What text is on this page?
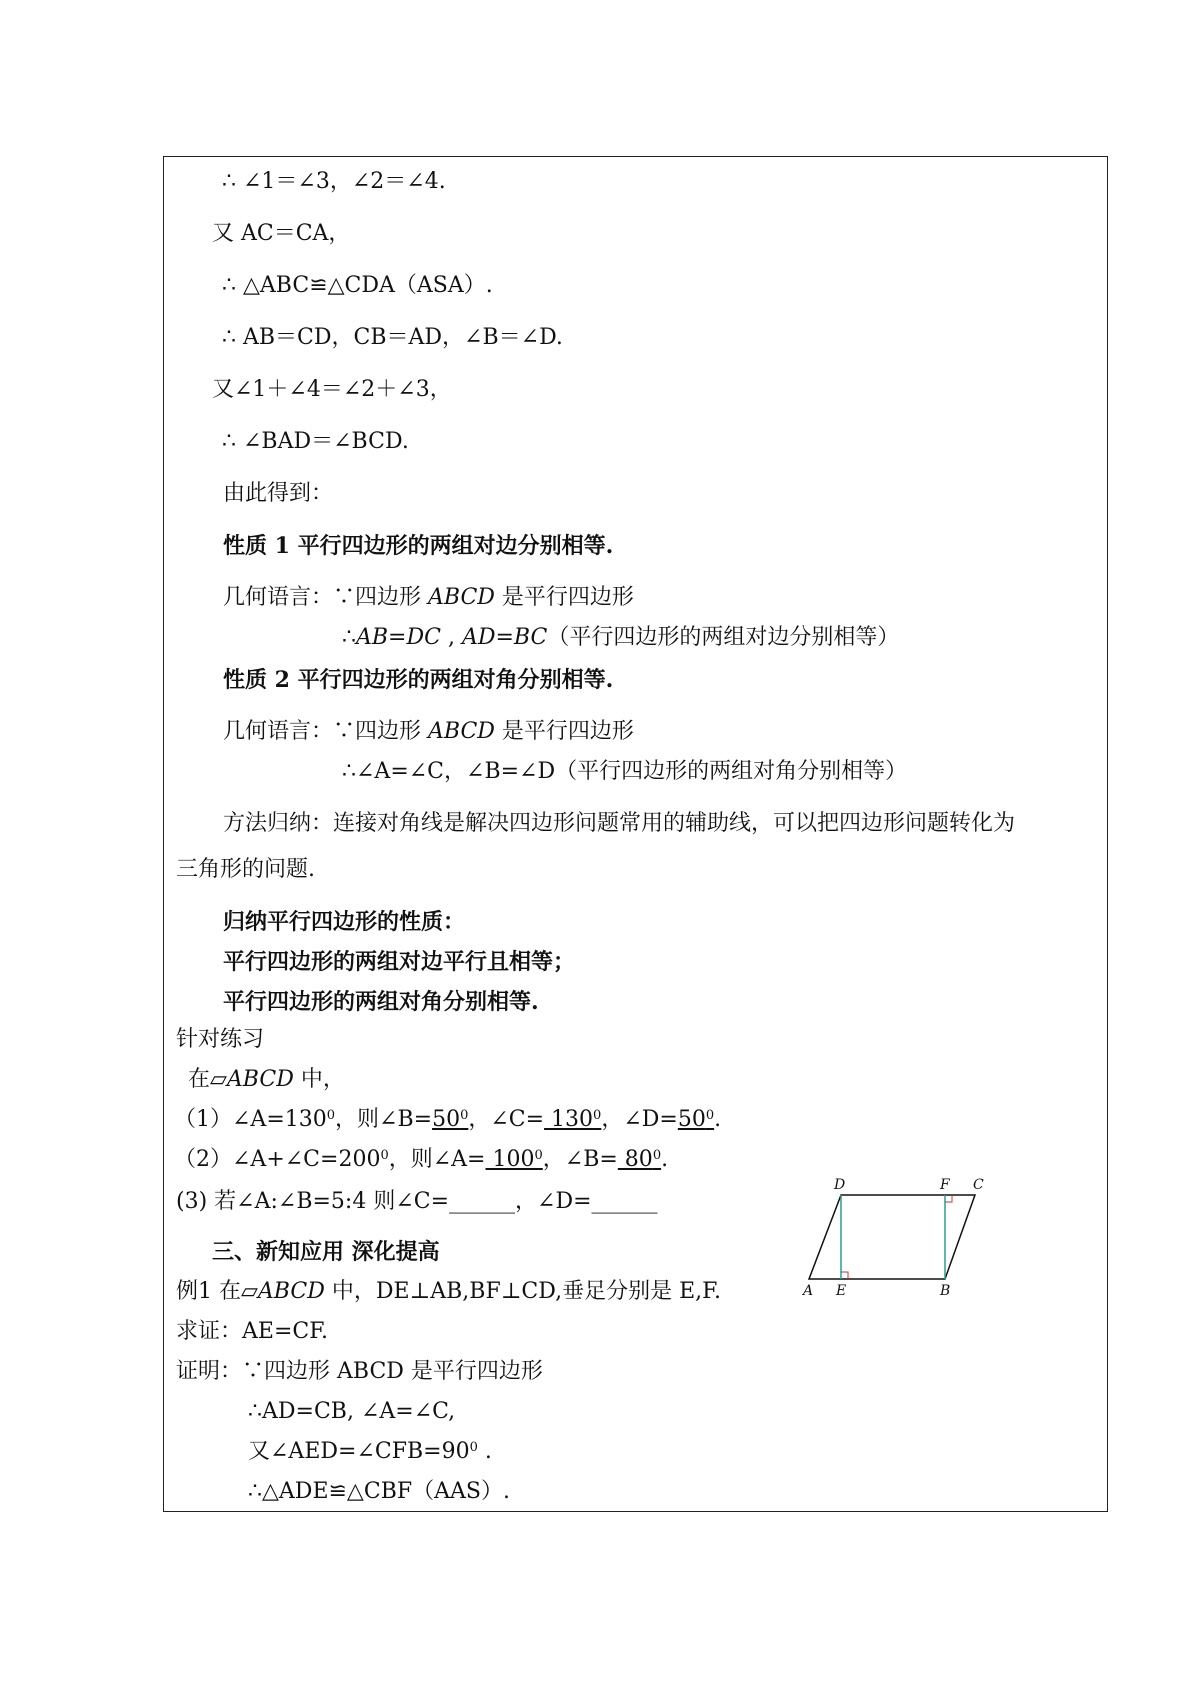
∴ ∠1＝∠3，∠2＝∠4.
又 AC＝CA，
∴ △ABC≌△CDA（ASA）.
∴ AB＝CD，CB＝AD，∠B＝∠D.
又∠1＋∠4＝∠2＋∠3，
∴ ∠BAD＝∠BCD.
由此得到：
性质 1 平行四边形的两组对边分别相等.
几何语言：∵四边形 ABCD 是平行四边形
∴AB=DC , AD=BC（平行四边形的两组对边分别相等）
性质 2 平行四边形的两组对角分别相等.
几何语言：∵四边形 ABCD 是平行四边形
∴∠A=∠C，∠B=∠D（平行四边形的两组对角分别相等）
方法归纳：连接对角线是解决四边形问题常用的辅助线，可以把四边形问题转化为
三角形的问题.
归纳平行四边形的性质：
平行四边形的两组对边平行且相等；
平行四边形的两组对角分别相等.
针对练习
在▱ABCD 中，
$(1)\angle A=130^0$，则$\angle B=50^0$，∠C= $130^0$，$\angle D=50^0$.
$(2)\angle A+\angle C=200^0$，则∠A= $100^0$，∠B= $80^0$.
(3) 若∠A:∠B=5:4 则∠C=______，∠D=______
三、新知应用 深化提高
例1 在▱ABCD 中，DE⊥AB,BF⊥CD,垂足分别是 E,F.
求证：AE=CF.
证明：∵四边形 ABCD 是平行四边形
∴AD=CB, ∠A=∠C,
又$\angle AED=\angle CFB=90^0$ .
∴△ADE≌△CBF（AAS）.
A E	B
D	F C
